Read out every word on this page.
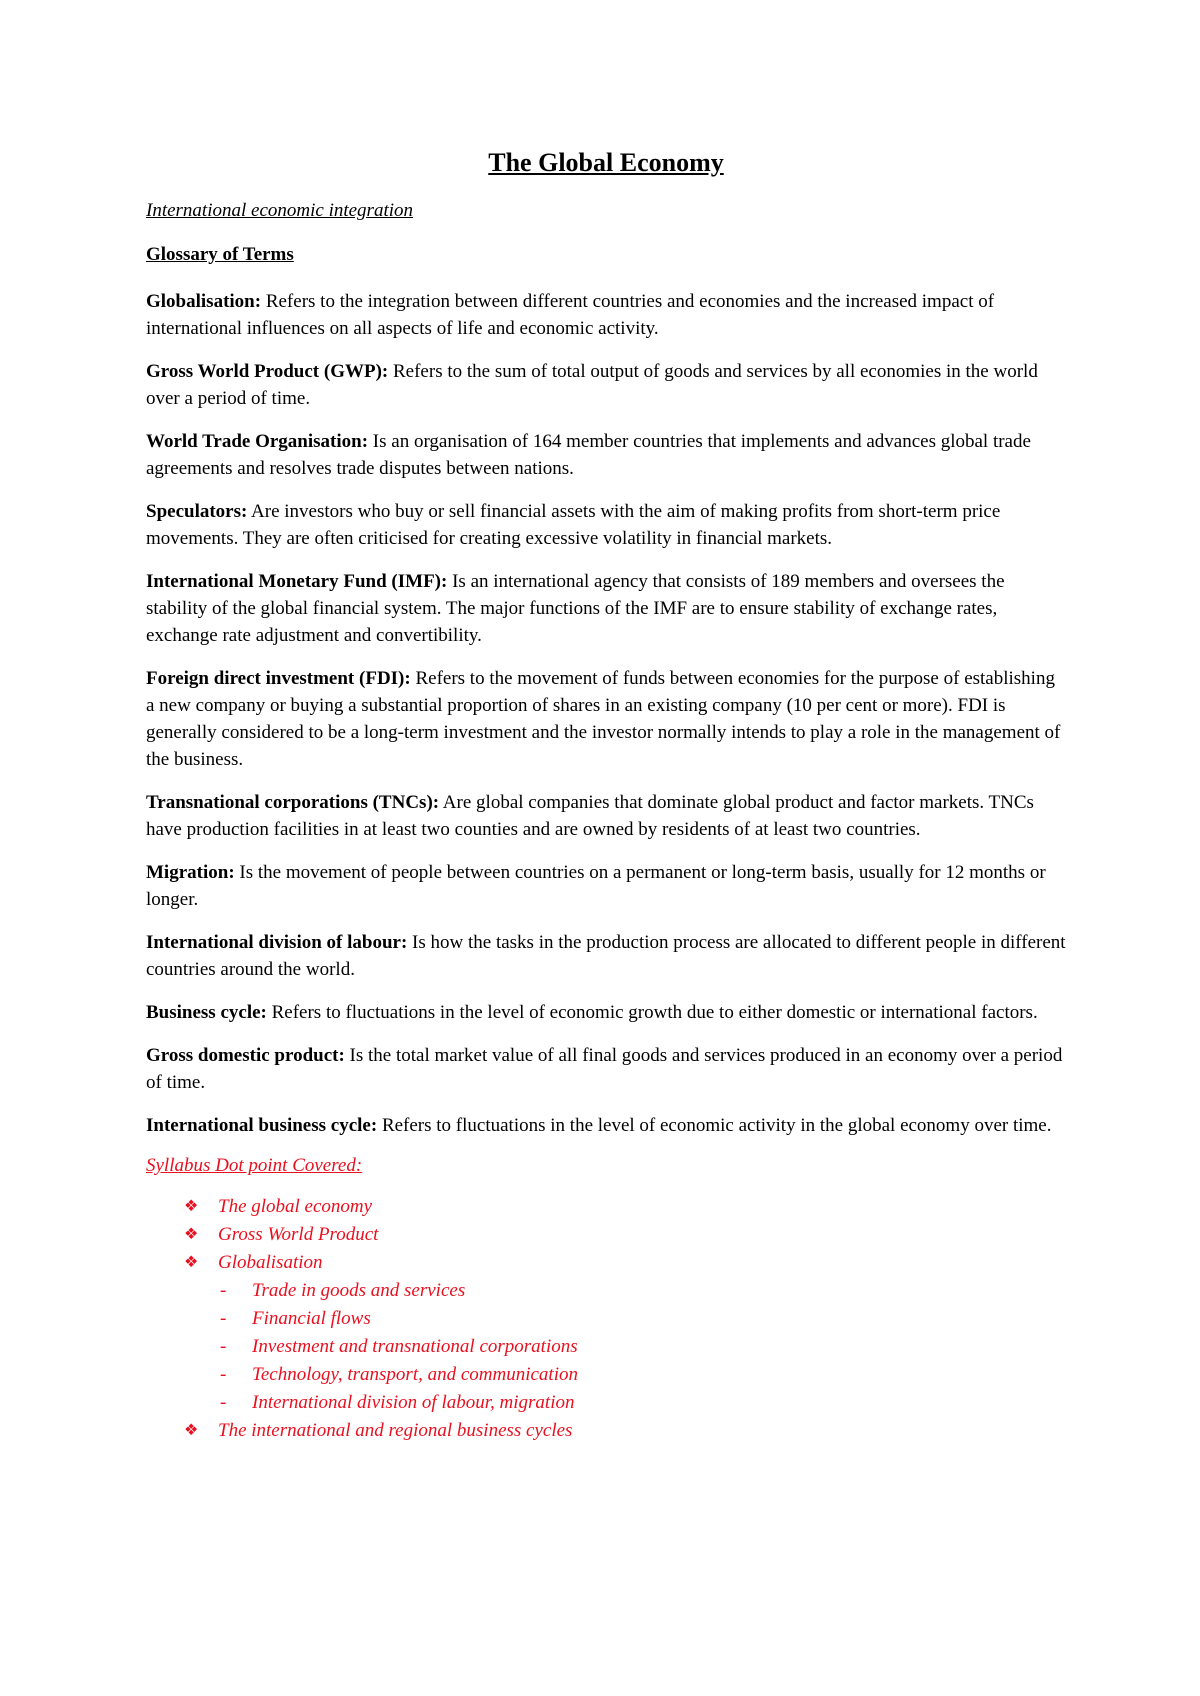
The Global Economy
International economic integration
Glossary of Terms

Globalisation: Refers to the integration between different countries and economies and the increased impact of international influences on all aspects of life and economic activity.

Gross World Product (GWP): Refers to the sum of total output of goods and services by all economies in the world over a period of time.

World Trade Organisation: Is an organisation of 164 member countries that implements and advances global trade agreements and resolves trade disputes between nations.

Speculators: Are investors who buy or sell financial assets with the aim of making profits from short-term price movements. They are often criticised for creating excessive volatility in financial markets.

International Monetary Fund (IMF): Is an international agency that consists of 189 members and oversees the stability of the global financial system. The major functions of the IMF are to ensure stability of exchange rates, exchange rate adjustment and convertibility.

Foreign direct investment (FDI): Refers to the movement of funds between economies for the purpose of establishing a new company or buying a substantial proportion of shares in an existing company (10 per cent or more). FDI is generally considered to be a long-term investment and the investor normally intends to play a role in the management of the business.

Transnational corporations (TNCs): Are global companies that dominate global product and factor markets. TNCs have production facilities in at least two counties and are owned by residents of at least two countries.

Migration: Is the movement of people between countries on a permanent or long-term basis, usually for 12 months or longer.

International division of labour: Is how the tasks in the production process are allocated to different people in different countries around the world.

Business cycle: Refers to fluctuations in the level of economic growth due to either domestic or international factors.

Gross domestic product: Is the total market value of all final goods and services produced in an economy over a period of time.

International business cycle: Refers to fluctuations in the level of economic activity in the global economy over time.

Syllabus Dot point Covered:
❖ The global economy
❖ Gross World Product
❖ Globalisation
- Trade in goods and services
- Financial flows
- Investment and transnational corporations
- Technology, transport, and communication
- International division of labour, migration
❖ The international and regional business cycles
